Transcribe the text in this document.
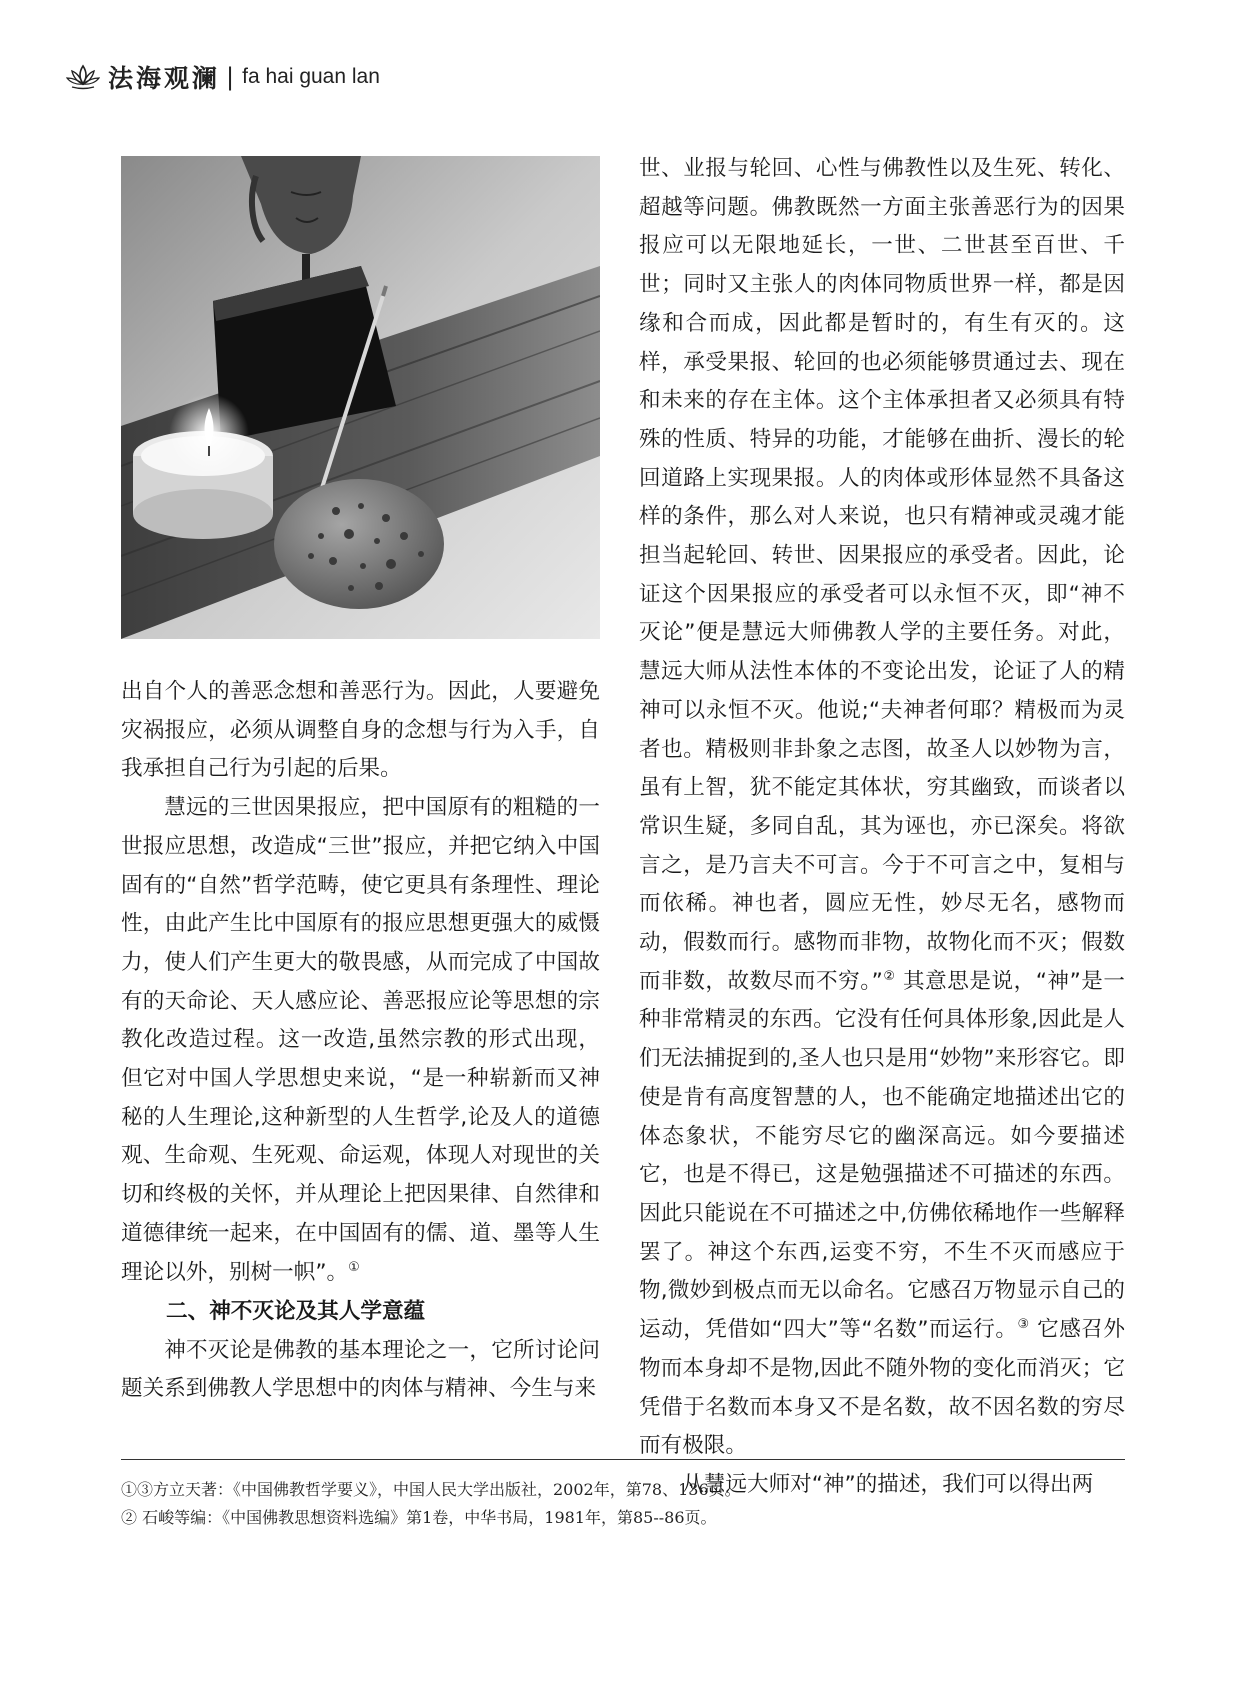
法海观澜 | fa hai guan lan

出自个人的善恶念想和善恶行为。因此，人要避免灾祸报应，必须从调整自身的念想与行为入手，自我承担自己行为引起的后果。

慧远的三世因果报应，把中国原有的粗糙的一世报应思想，改造成“三世”报应，并把它纳入中国固有的“自然”哲学范畴，使它更具有条理性、理论性，由此产生比中国原有的报应思想更强大的威慑力，使人们产生更大的敬畏感，从而完成了中国故有的天命论、天人感应论、善恶报应论等思想的宗教化改造过程。这一改造,虽然宗教的形式出现，但它对中国人学思想史来说，“是一种崭新而又神秘的人生理论,这种新型的人生哲学,论及人的道德观、生命观、生死观、命运观，体现人对现世的关切和终极的关怀，并从理论上把因果律、自然律和道德律统一起来，在中国固有的儒、道、墨等人生理论以外，别树一帜”。①

二、神不灭论及其人学意蕴

神不灭论是佛教的基本理论之一，它所讨论问题关系到佛教人学思想中的肉体与精神、今生与来

世、业报与轮回、心性与佛教性以及生死、转化、超越等问题。佛教既然一方面主张善恶行为的因果报应可以无限地延长，一世、二世甚至百世、千世；同时又主张人的肉体同物质世界一样，都是因缘和合而成，因此都是暂时的，有生有灭的。这样，承受果报、轮回的也必须能够贯通过去、现在和未来的存在主体。这个主体承担者又必须具有特殊的性质、特异的功能，才能够在曲折、漫长的轮回道路上实现果报。人的肉体或形体显然不具备这样的条件，那么对人来说，也只有精神或灵魂才能担当起轮回、转世、因果报应的承受者。因此，论证这个因果报应的承受者可以永恒不灭，即“神不灭论”便是慧远大师佛教人学的主要任务。对此，慧远大师从法性本体的不变论出发，论证了人的精神可以永恒不灭。他说;“夫神者何耶？精极而为灵者也。精极则非卦象之志图，故圣人以妙物为言，虽有上智，犹不能定其体状，穷其幽致，而谈者以常识生疑，多同自乱，其为诬也，亦已深矣。将欲言之，是乃言夫不可言。今于不可言之中，复相与而依稀。神也者，圆应无性，妙尽无名，感物而动，假数而行。感物而非物，故物化而不灭；假数而非数，故数尽而不穷。”② 其意思是说，“神”是一种非常精灵的东西。它没有任何具体形象,因此是人们无法捕捉到的,圣人也只是用“妙物”来形容它。即使是肯有高度智慧的人，也不能确定地描述出它的体态象状，不能穷尽它的幽深高远。如今要描述它，也是不得已，这是勉强描述不可描述的东西。因此只能说在不可描述之中,仿佛依稀地作一些解释罢了。神这个东西,运变不穷，不生不灭而感应于物,微妙到极点而无以命名。它感召万物显示自己的运动，凭借如“四大”等“名数”而运行。③ 它感召外物而本身却不是物,因此不随外物的变化而消灭；它凭借于名数而本身又不是名数，故不因名数的穷尽而有极限。

从慧远大师对“神”的描述，我们可以得出两

①③方立天著：《中国佛教哲学要义》，中国人民大学出版社，2002年，第78、136页。
② 石峻等编：《中国佛教思想资料选编》第1卷，中华书局，1981年，第85--86页。
